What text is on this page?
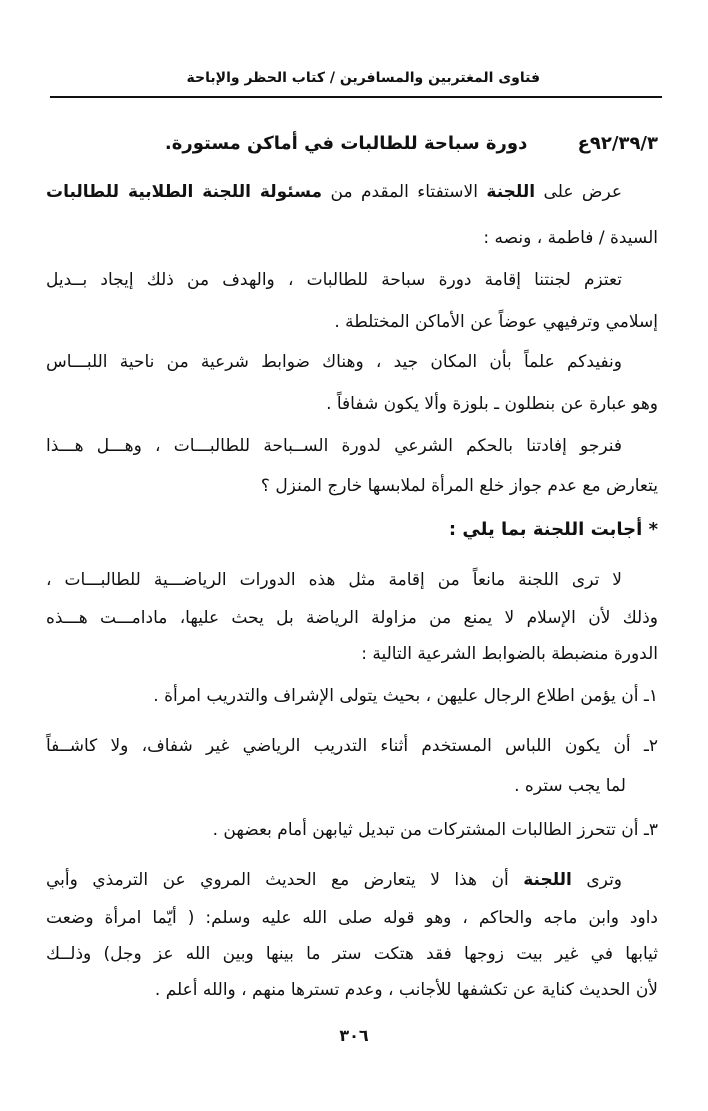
فتاوى المغتربين والمسافرين / كتاب الحظر والإباحة
٩٢/٣٩/٣ع دورة سباحة للطالبات في أماكن مستورة.
عرض على اللجنة الاستفتاء المقدم من مسئولة اللجنة الطلابية للطالبات
السيدة / فاطمة ، ونصه :
تعتزم لجنتنا إقامة دورة سباحة للطالبات ، والهدف من ذلك إيجاد بــديل
إسلامي وترفيهي عوضاً عن الأماكن المختلطة .
ونفيدكم علماً بأن المكان جيد ، وهناك ضوابط شرعية من ناحية اللبـــاس
وهو عبارة عن بنطلون ـ بلوزة وألا يكون شفافاً .
فنرجو إفادتنا بالحكم الشرعي لدورة الســباحة للطالبـــات ، وهـــل هـــذا
يتعارض مع عدم جواز خلع المرأة لملابسها خارج المنزل ؟
* أجابت اللجنة بما يلي :
لا ترى اللجنة مانعاً من إقامة مثل هذه الدورات الرياضـــية للطالبـــات ،
وذلك لأن الإسلام لا يمنع من مزاولة الرياضة بل يحث عليها، مادامـــت هـــذه
الدورة منضبطة بالضوابط الشرعية التالية :
١ـ أن يؤمن اطلاع الرجال عليهن ، بحيث يتولى الإشراف والتدريب امرأة .
٢ـ أن يكون اللباس المستخدم أثناء التدريب الرياضي غير شفاف، ولا كاشــفاً
لما يجب ستره .
٣ـ أن تتحرز الطالبات المشتركات من تبديل ثيابهن أمام بعضهن .
وترى اللجنة أن هذا لا يتعارض مع الحديث المروي عن الترمذي وأبي
داود وابن ماجه والحاكم ، وهو قوله صلى الله عليه وسلم: ( أيّما امرأة وضعت
ثيابها في غير بيت زوجها فقد هتكت ستر ما بينها وبين الله عز وجل) وذلــك
لأن الحديث كناية عن تكشفها للأجانب ، وعدم تسترها منهم ، والله أعلم .
٣٠٦
